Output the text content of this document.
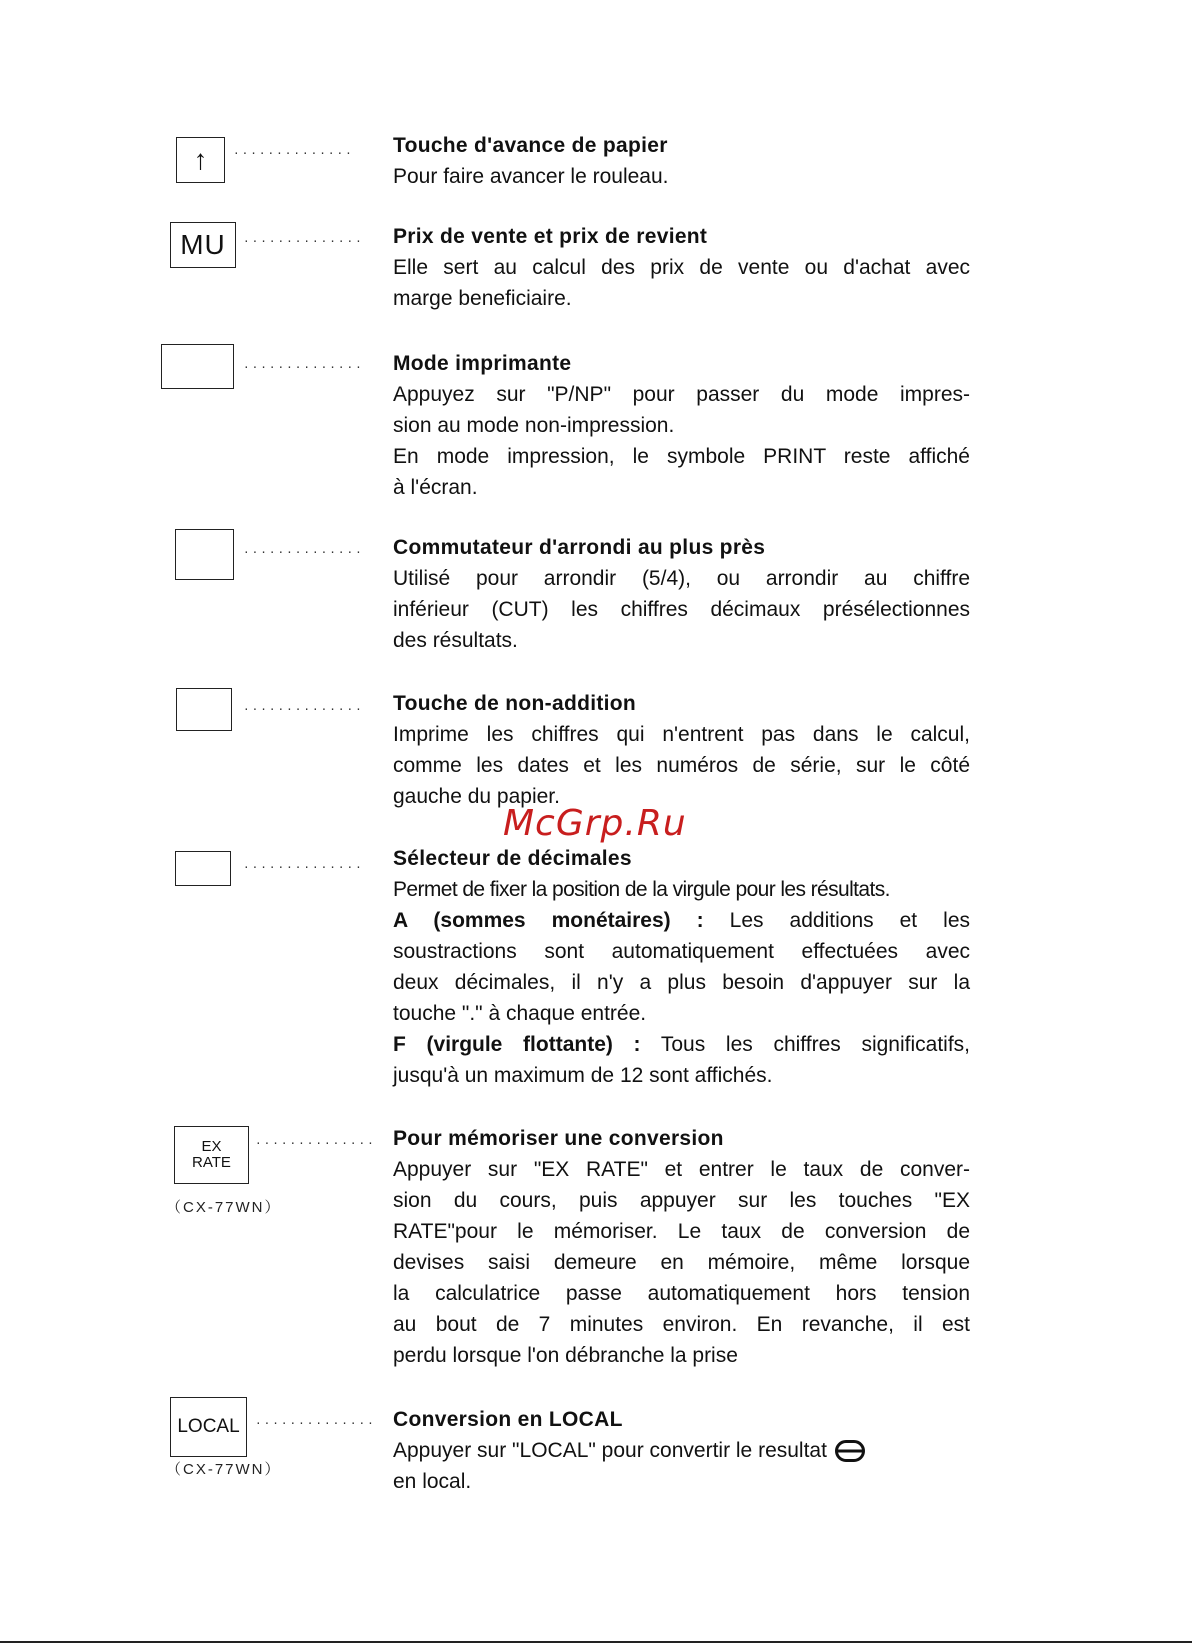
↑ ..............
MU ..............
..............
..............
..............
..............
EX
RATE
..............
（CX-77WN）
LOCAL ..............
（CX-77WN）
Touche d'avance de papier
Pour faire avancer le rouleau.
Prix de vente et prix de revient
Elle sert au calcul des prix de vente ou d'achat avec
marge beneficiaire.
Mode imprimante
Appuyez sur "P/NP" pour passer du mode impres-
sion au mode non-impression.
En mode impression, le symbole PRINT reste affiché
à l'écran.
Commutateur d'arrondi au plus près
Utilisé pour arrondir (5/4), ou arrondir au chiffre
inférieur (CUT) les chiffres décimaux présélectionnes
des résultats.
Touche de non-addition
Imprime les chiffres qui n'entrent pas dans le calcul,
comme les dates et les numéros de série, sur le côté
gauche du papier.
Sélecteur de décimales
Permet de fixer la position de la virgule pour les résultats.
A (sommes monétaires) : Les additions et les
soustractions sont automatiquement effectuées avec
deux décimales, il n'y a plus besoin d'appuyer sur la
touche "." à chaque entrée.
F (virgule flottante) : Tous les chiffres significatifs,
jusqu'à un maximum de 12 sont affichés.
Pour mémoriser une conversion
Appuyer sur "EX RATE" et entrer le taux de conver-
sion du cours, puis appuyer sur les touches "EX
RATE"pour le mémoriser. Le taux de conversion de
devises saisi demeure en mémoire, même lorsque
la calculatrice passe automatiquement hors tension
au bout de 7 minutes environ. En revanche, il est
perdu lorsque l'on débranche la prise
Conversion en LOCAL
Appuyer sur "LOCAL" pour convertir le resultat
en local.
McGrp.Ru
